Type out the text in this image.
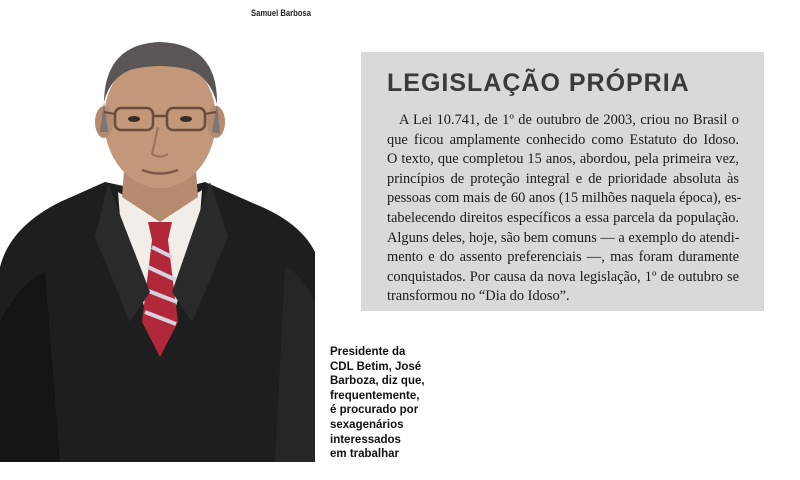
Samuel Barbosa
LEGISLAÇÃO PRÓPRIA

A Lei 10.741, de 1º de outubro de 2003, criou no Brasil o
que ficou amplamente conhecido como Estatuto do Idoso.
O texto, que completou 15 anos, abordou, pela primeira vez,
princípios de proteção integral e de prioridade absoluta às
pessoas com mais de 60 anos (15 milhões naquela época), es-
tabelecendo direitos específicos a essa parcela da população.
Alguns deles, hoje, são bem comuns — a exemplo do atendi-
mento e do assento preferenciais —, mas foram duramente
conquistados. Por causa da nova legislação, 1º de outubro se
transformou no “Dia do Idoso”.

Presidente da
CDL Betim, José
Barboza, diz que,
frequentemente,
é procurado por
sexagenários
interessados
em trabalhar
